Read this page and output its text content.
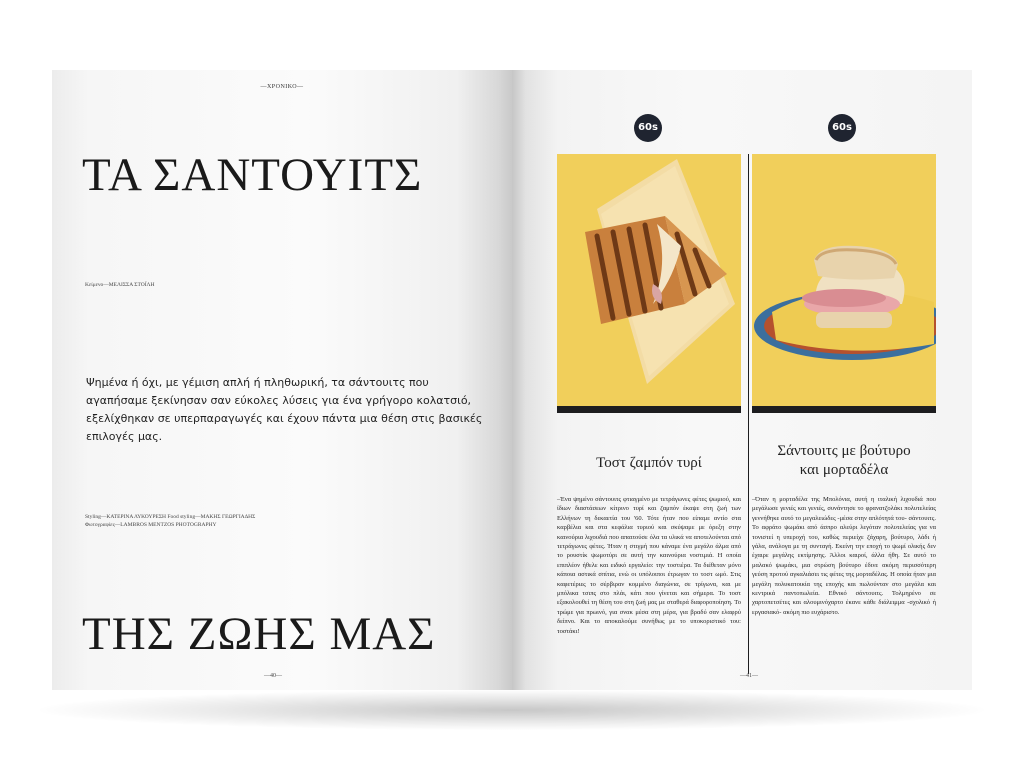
—ΧΡΟΝΙΚΟ—
ΤΑ ΣΑΝΤΟΥΙΤΣ
Κείμενο—ΜΕΛΙΣΣΑ ΣΤΟΪΛΗ
Ψημένα ή όχι, με γέμιση απλή ή πληθωρική, τα σάντουιτς που αγαπήσαμε ξεκίνησαν σαν εύκολες λύσεις για ένα γρήγορο κολατσιό, εξελίχθηκαν σε υπερπαραγωγές και έχουν πάντα μια θέση στις βασικές επιλογές μας.
Styling—ΚΑΤΕΡΙΝΑ ΛΥΚΟΥΡΕΣΗ Food styling—ΜΑΚΗΣ ΓΕΩΡΓΙΑΔΗΣ
Φωτογραφίες—LAMBROS MENTZOS PHOTOGRAPHY
ΤΗΣ ΖΩΗΣ ΜΑΣ
—40—
60s	60s
Τοστ ζαμπόν τυρί
Σάντουιτς με βούτυρο
και μορταδέλα
–Ένα ψημένο σάντουιτς φτιαγμένο με τετράγωνες φέτες ψωμιού, και ίδιων διαστάσεων κίτρινο τυρί και ζαμπόν έκαψε στη ζωή των Ελλήνων τη δεκαετία του '60. Τότε ήταν που είπαμε αντίο στα καρβέλια και στα κεφάλια τυριού και σκύψαμε με όρεξη στην καινούρια λιχουδιά που απαιτούσε όλα τα υλικά να αποτελούνται από τετράγωνες φέτες. Ήταν η στιγμή που κάναμε ένα μεγάλο άλμα από το ρουστίκ ψωμοτύρι σε αυτή την καινούρια νοστιμιά. Η οποία επιπλέον ήθελε και ειδικό εργαλείο: την τοστιέρα. Τα διέθεταν μόνο κάποια αστικά σπίτια, ενώ οι υπόλοιποι έτρωγαν το τοστ ωμό. Στις καφετέριες το σέρβιραν κομμένο διαγώνια, σε τρίγωνα, και με μπόλικα τσιπς στο πλάι, κάτι που γίνεται και σήμερα. Το τοστ εξακολουθεί τη θέση του στη ζωή μας με σταθερά διαφοροποίηση. Το τρώμε για πρωινό, για σνακ μέσα στη μέρα, για βραδύ σαν ελαφρύ δείπνο. Και το αποκαλούμε συνήθως με το υποκοριστικό του: τοστάκι!
–Όταν η μορταδέλα της Μπολόνια, αυτή η ιταλική λιχουδιά που μεγάλωσε γενιές και γενιές, συνάντησε το φρανατζολάκι πολυτελείας γεννήθηκε αυτό το μεγαλειώδες -μέσα στην απλότητά του- σάντουιτς. Το αφράτο ψωμάκι από άσπρο αλεύρι λεγόταν πολυτελείας για να τονιστεί η υπεροχή του, καθώς περιείχε ζάχαρη, βούτυρο, λάδι ή γάλα, ανάλογα με τη συνταγή. Εκείνη την εποχή το ψωμί ολικής δεν έχαιρε μεγάλης εκτίμησης. Άλλοι καιροί, άλλα ήθη. Σε αυτό το μαλακό ψωμάκι, μια στρώση βούτυρο έδινε ακόμη περισσότερη γεύση προτού αγκαλιάσει τις φέτες της μορταδέλας. Η οποία ήταν μια μεγάλη πολυκατοικία της εποχής και πωλούνταν στο μεγάλα και κεντρικά παντοπωλεία. Εθνικό σάντουιτς. Τολμηρένο σε χαρτοπετσέτες και αλουμινόχαρτο έκανε κάθε διάλειμμα -σχολικό ή εργασιακό- ακόμη πιο ευχάριστο.
—41—
